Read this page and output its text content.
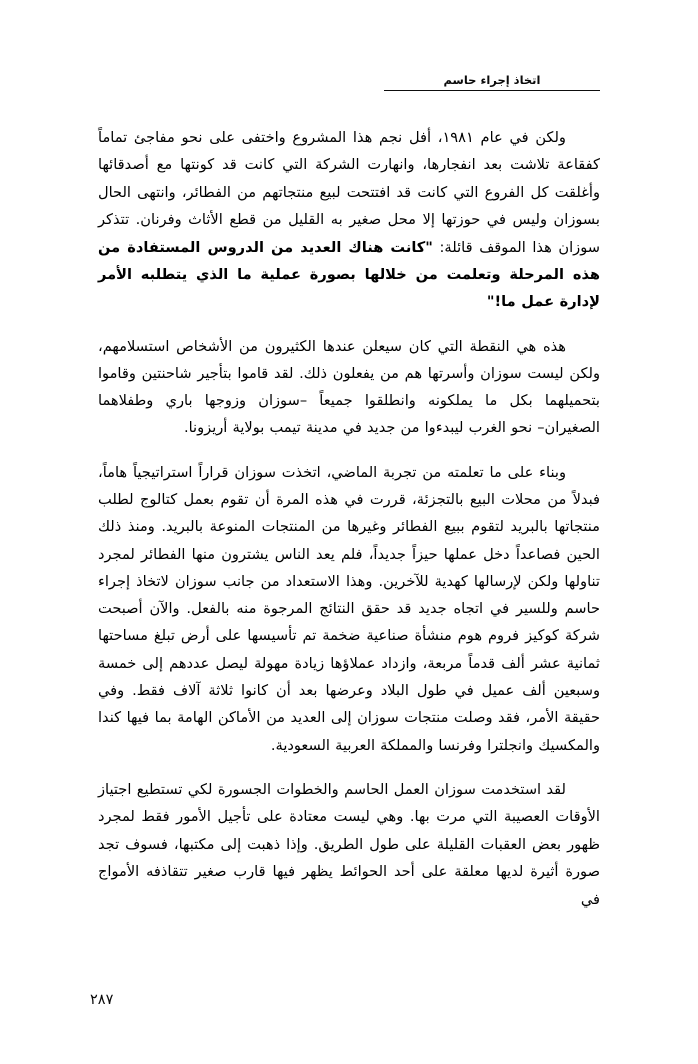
اتخاذ إجراء حاسم

ولكن في عام ١٩٨١، أفل نجم هذا المشروع واختفى على نحو مفاجئ تماماً كفقاعة تلاشت بعد انفجارها، وانهارت الشركة التي كانت قد كونتها مع أصدقائها وأغلقت كل الفروع التي كانت قد افتتحت لبيع منتجاتهم من الفطائر، وانتهى الحال بسوزان وليس في حوزتها إلا محل صغير به القليل من قطع الأثاث وفرنان. تتذكر سوزان هذا الموقف قائلة: "كانت هناك العديد من الدروس المستفادة من هذه المرحلة وتعلمت من خلالها بصورة عملية ما الذي يتطلبه الأمر لإدارة عمل ما!"

هذه هي النقطة التي كان سيعلن عندها الكثيرون من الأشخاص استسلامهم، ولكن ليست سوزان وأسرتها هم من يفعلون ذلك. لقد قاموا بتأجير شاحنتين وقاموا بتحميلهما بكل ما يملكونه وانطلقوا جميعاً –سوزان وزوجها باري وطفلاهما الصغيران– نحو الغرب ليبدءوا من جديد في مدينة تيمب بولاية أريزونا.

وبناء على ما تعلمته من تجربة الماضي، اتخذت سوزان قراراً استراتيجياً هاماً، فبدلاً من محلات البيع بالتجزئة، قررت في هذه المرة أن تقوم بعمل كتالوج لطلب منتجاتها بالبريد لتقوم ببيع الفطائر وغيرها من المنتجات المنوعة بالبريد. ومنذ ذلك الحين فصاعداً دخل عملها حيزاً جديداً، فلم يعد الناس يشترون منها الفطائر لمجرد تناولها ولكن لإرسالها كهدية للآخرين. وهذا الاستعداد من جانب سوزان لاتخاذ إجراء حاسم وللسير في اتجاه جديد قد حقق النتائج المرجوة منه بالفعل. والآن أصبحت شركة كوكيز فروم هوم منشأة صناعية ضخمة تم تأسيسها على أرض تبلغ مساحتها ثمانية عشر ألف قدماً مربعة، وازداد عملاؤها زيادة مهولة ليصل عددهم إلى خمسة وسبعين ألف عميل في طول البلاد وعرضها بعد أن كانوا ثلاثة آلاف فقط. وفي حقيقة الأمر، فقد وصلت منتجات سوزان إلى العديد من الأماكن الهامة بما فيها كندا والمكسيك وانجلترا وفرنسا والمملكة العربية السعودية.

لقد استخدمت سوزان العمل الحاسم والخطوات الجسورة لكي تستطيع اجتياز الأوقات العصيبة التي مرت بها. وهي ليست معتادة على تأجيل الأمور فقط لمجرد ظهور بعض العقبات القليلة على طول الطريق. وإذا ذهبت إلى مكتبها، فسوف تجد صورة أثيرة لديها معلقة على أحد الحوائط يظهر فيها قارب صغير تتقاذفه الأمواج في

٢٨٧
